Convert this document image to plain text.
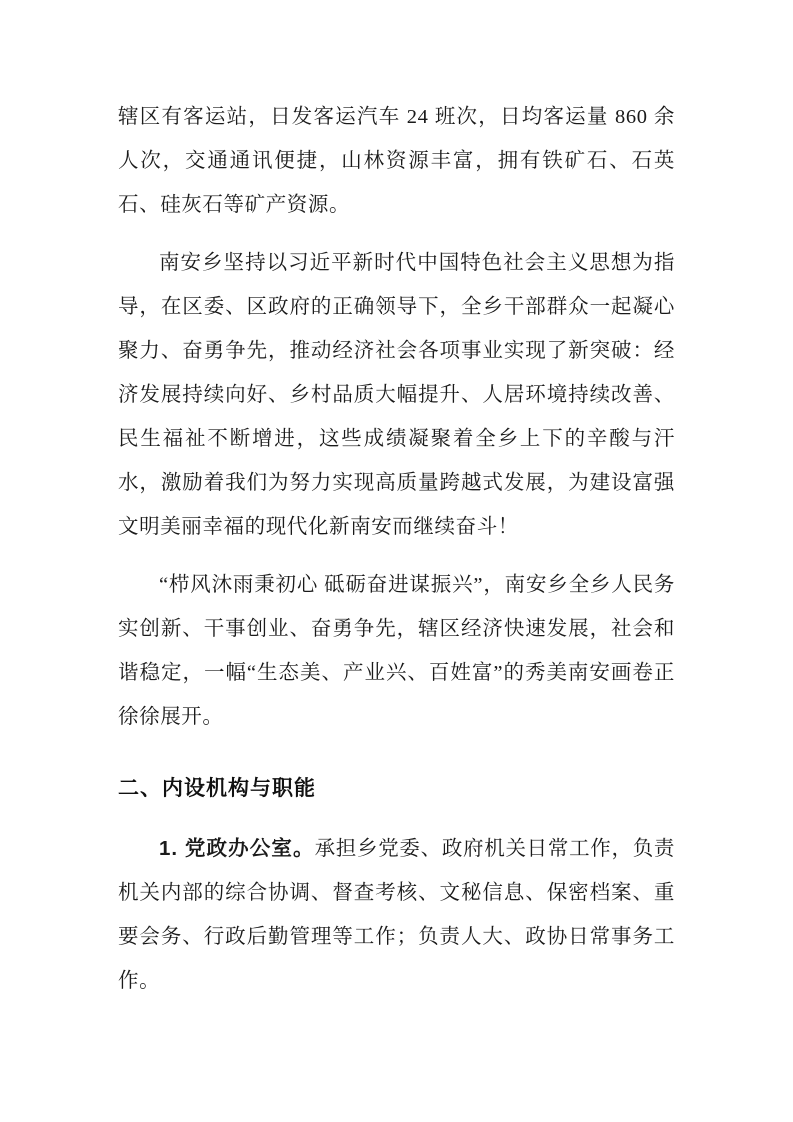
辖区有客运站，日发客运汽车 24 班次，日均客运量 860 余人次，交通通讯便捷，山林资源丰富，拥有铁矿石、石英石、硅灰石等矿产资源。

南安乡坚持以习近平新时代中国特色社会主义思想为指导，在区委、区政府的正确领导下，全乡干部群众一起凝心聚力、奋勇争先，推动经济社会各项事业实现了新突破：经济发展持续向好、乡村品质大幅提升、人居环境持续改善、民生福祉不断增进，这些成绩凝聚着全乡上下的辛酸与汗水，激励着我们为努力实现高质量跨越式发展，为建设富强文明美丽幸福的现代化新南安而继续奋斗！

“栉风沐雨秉初心 砥砺奋进谋振兴”，南安乡全乡人民务实创新、干事创业、奋勇争先，辖区经济快速发展，社会和谐稳定，一幅“生态美、产业兴、百姓富”的秀美南安画卷正徐徐展开。

二、内设机构与职能

1. 党政办公室。承担乡党委、政府机关日常工作，负责机关内部的综合协调、督查考核、文秘信息、保密档案、重要会务、行政后勤管理等工作；负责人大、政协日常事务工作。
